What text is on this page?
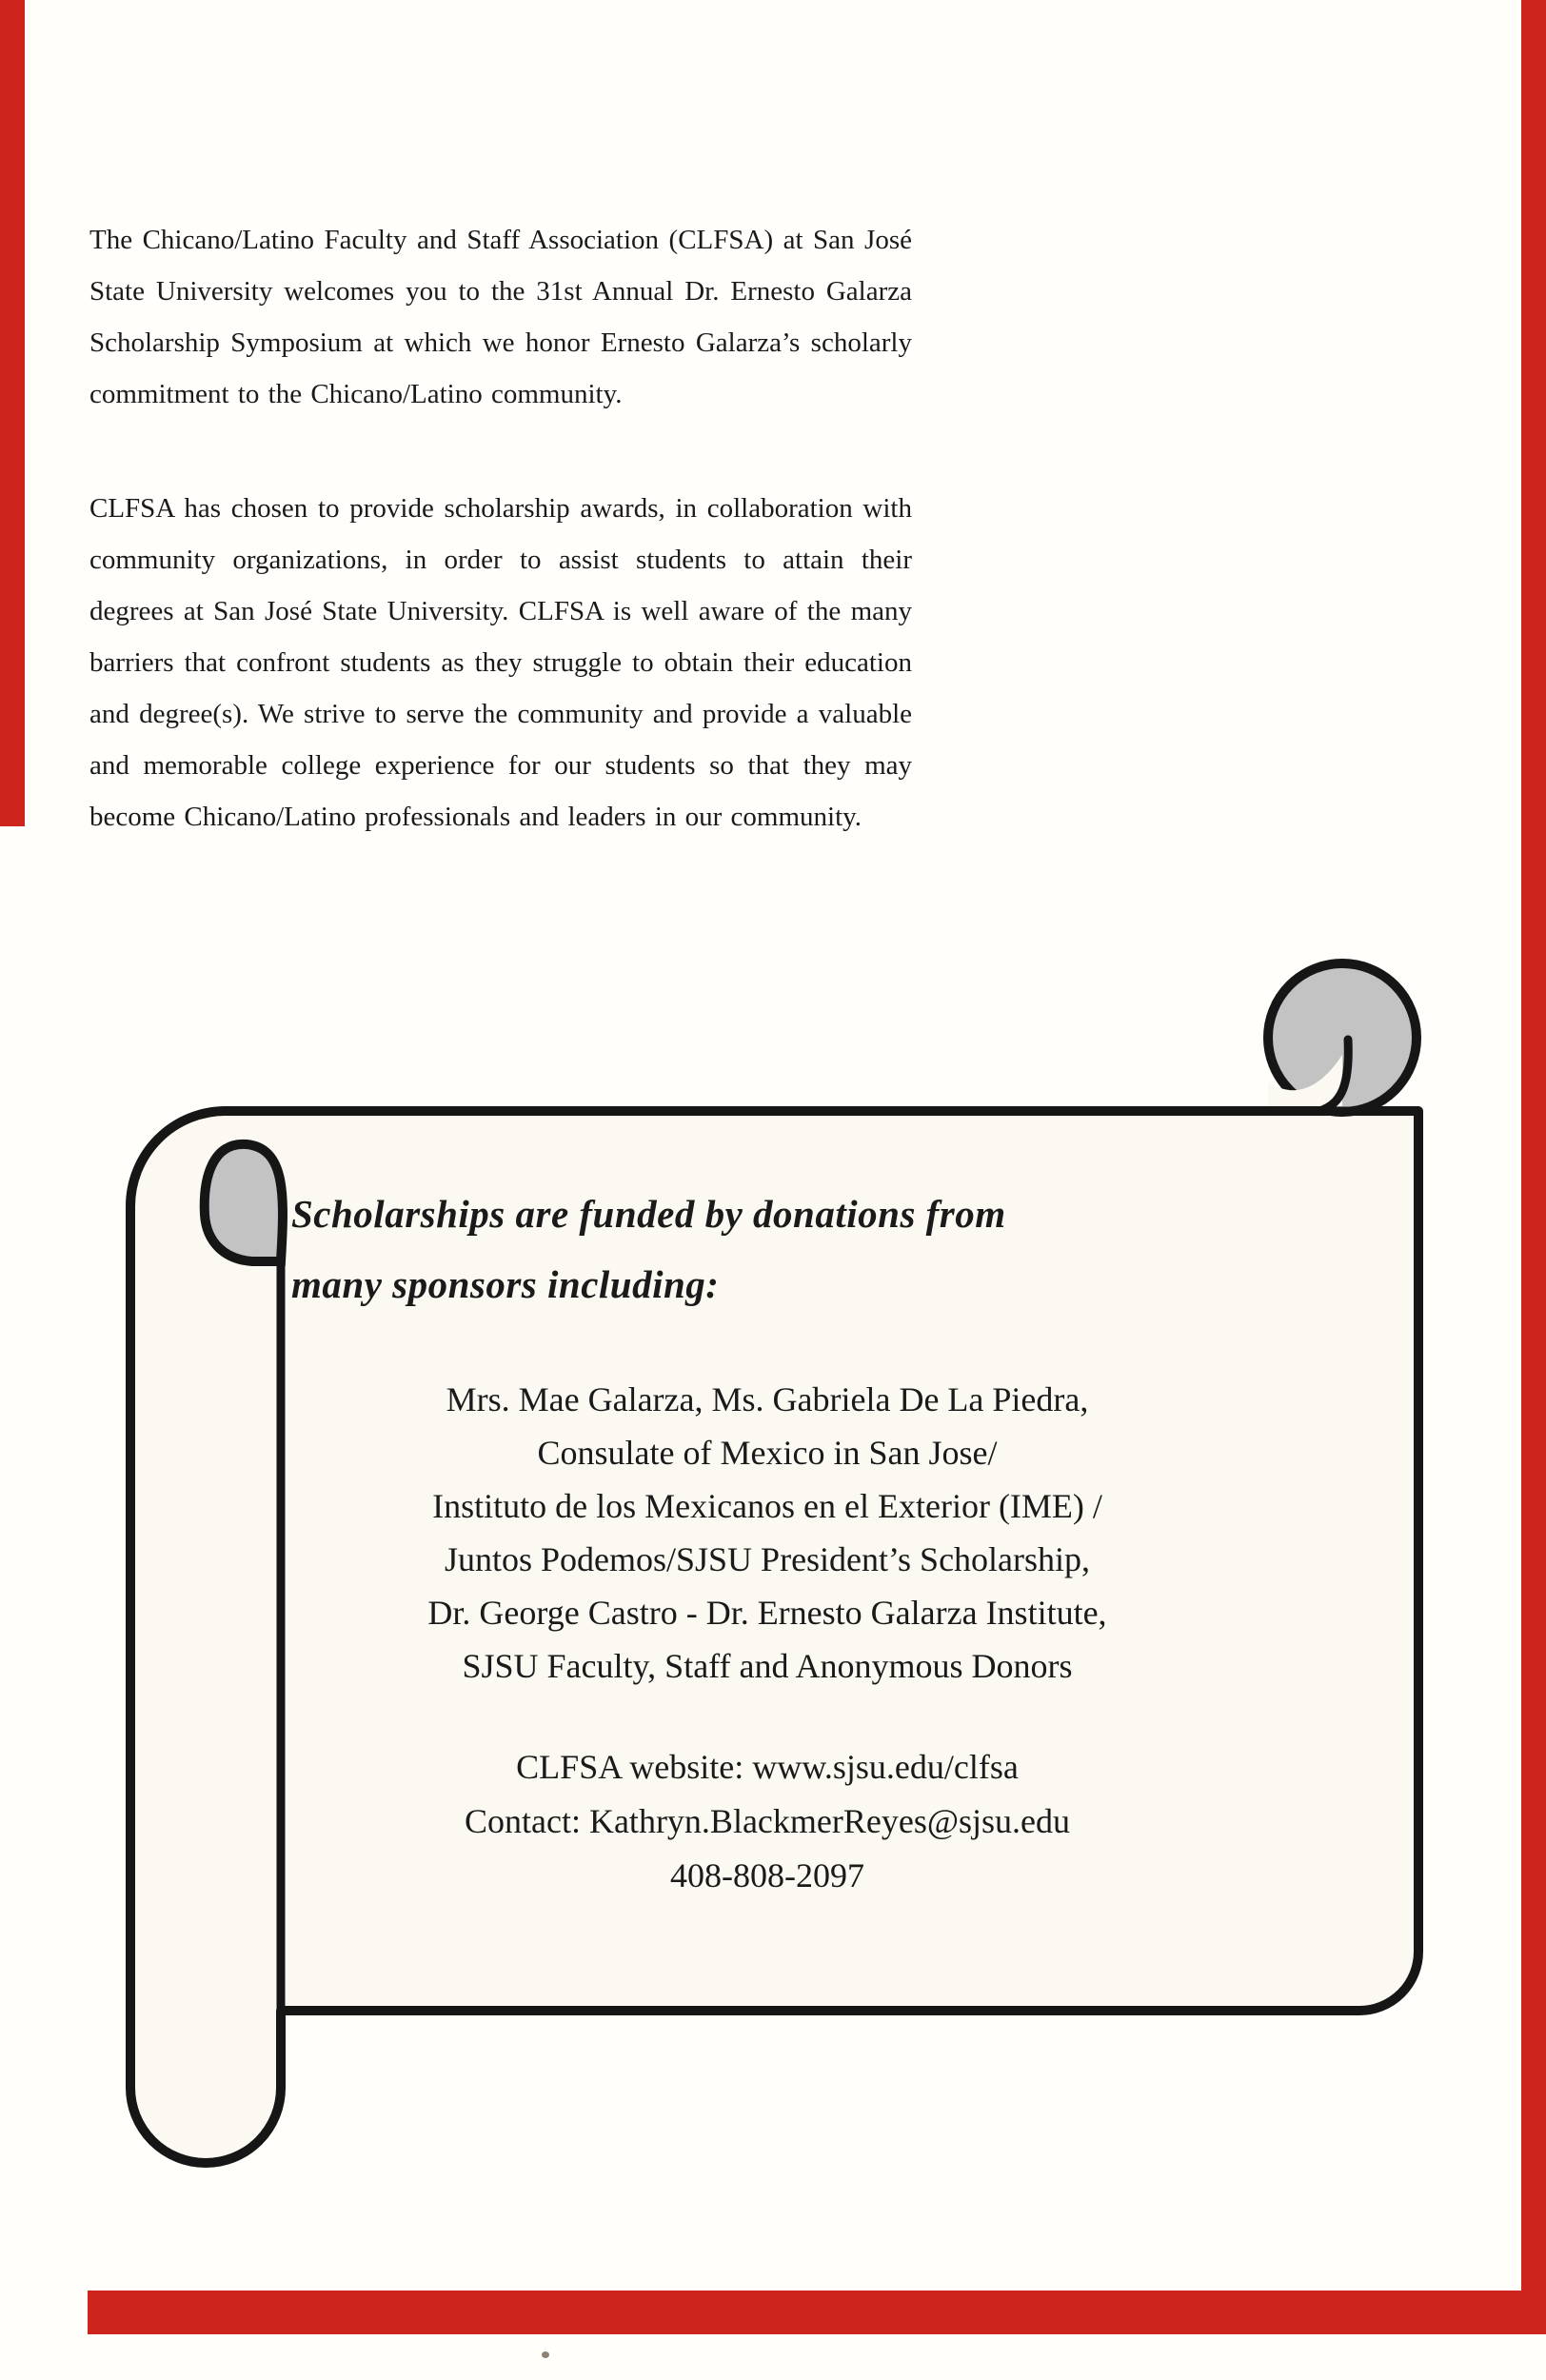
The Chicano/Latino Faculty and Staff Association (CLFSA) at San José State University welcomes you to the 31st Annual Dr. Ernesto Galarza Scholarship Symposium at which we honor Ernesto Galarza’s scholarly commitment to the Chicano/Latino community.
CLFSA has chosen to provide scholarship awards, in collaboration with community organizations, in order to assist students to attain their degrees at San José State University. CLFSA is well aware of the many barriers that confront students as they struggle to obtain their education and degree(s). We strive to serve the community and provide a valuable and memorable college experience for our students so that they may become Chicano/Latino professionals and leaders in our community.
Scholarships are funded by donations from
many sponsors including:
Mrs. Mae Galarza, Ms. Gabriela De La Piedra,
Consulate of Mexico in San Jose/
Instituto de los Mexicanos en el Exterior (IME) /
Juntos Podemos/SJSU President’s Scholarship,
Dr. George Castro - Dr. Ernesto Galarza Institute,
SJSU Faculty, Staff and Anonymous Donors
CLFSA website: www.sjsu.edu/clfsa
Contact: Kathryn.BlackmerReyes@sjsu.edu
408-808-2097
